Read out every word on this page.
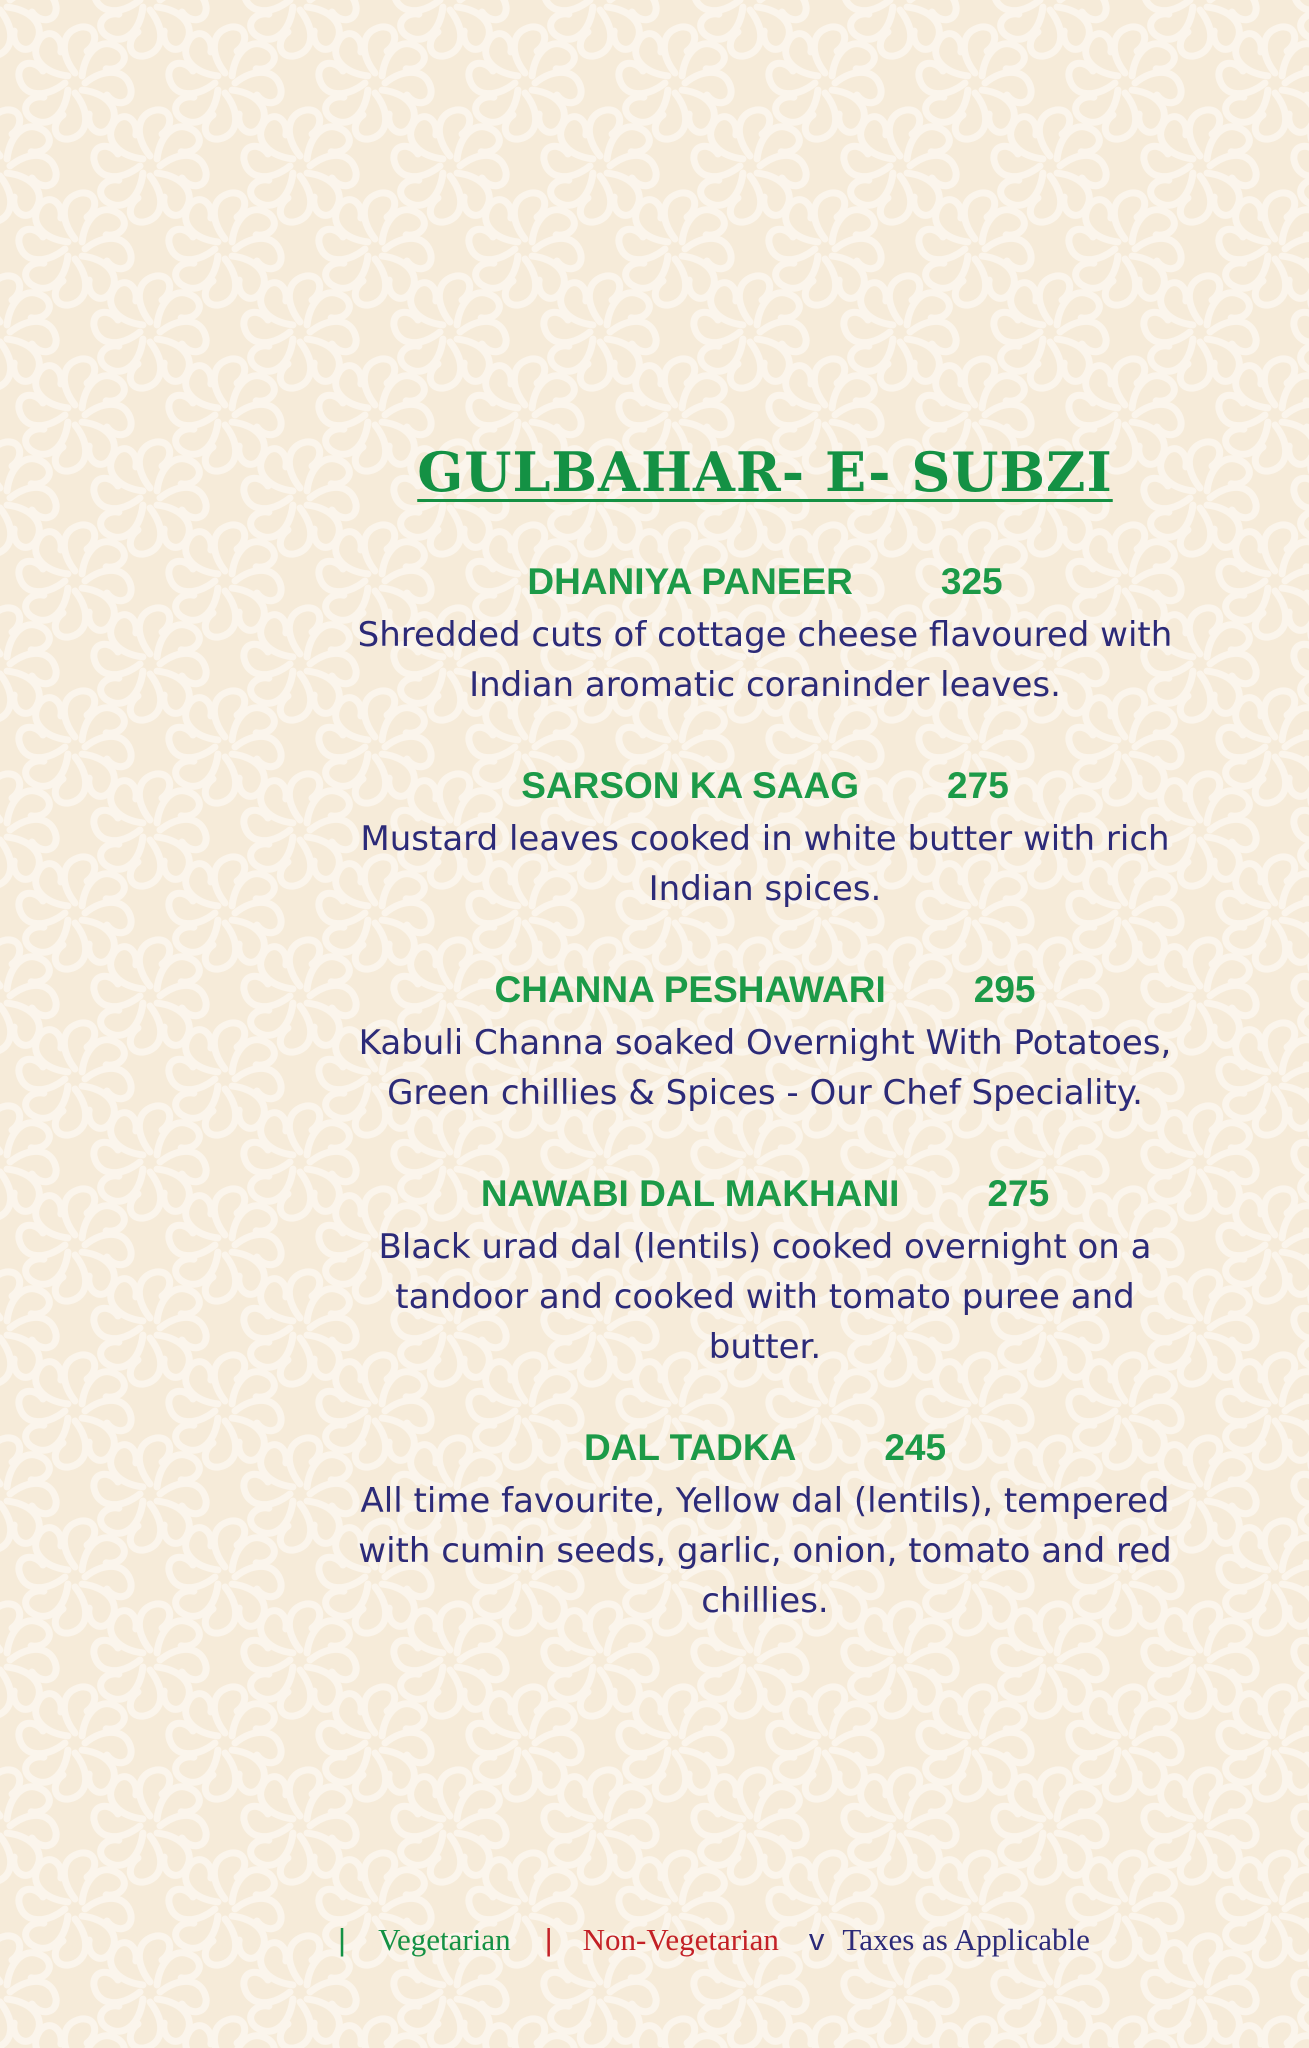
GULBAHAR- E- SUBZI
DHANIYA PANEER 325
Shredded cuts of cottage cheese flavoured with Indian aromatic coraninder leaves.
SARSON KA SAAG 275
Mustard leaves cooked in white butter with rich Indian spices.
CHANNA PESHAWARI 295
Kabuli Channa soaked Overnight With Potatoes, Green chillies & Spices - Our Chef Speciality.
NAWABI DAL MAKHANI 275
Black urad dal (lentils) cooked overnight on a tandoor and cooked with tomato puree and butter.
DAL TADKA 245
All time favourite, Yellow dal (lentils), tempered with cumin seeds, garlic, onion, tomato and red chillies.
| Vegetarian | Non-Vegetarian v Taxes as Applicable
